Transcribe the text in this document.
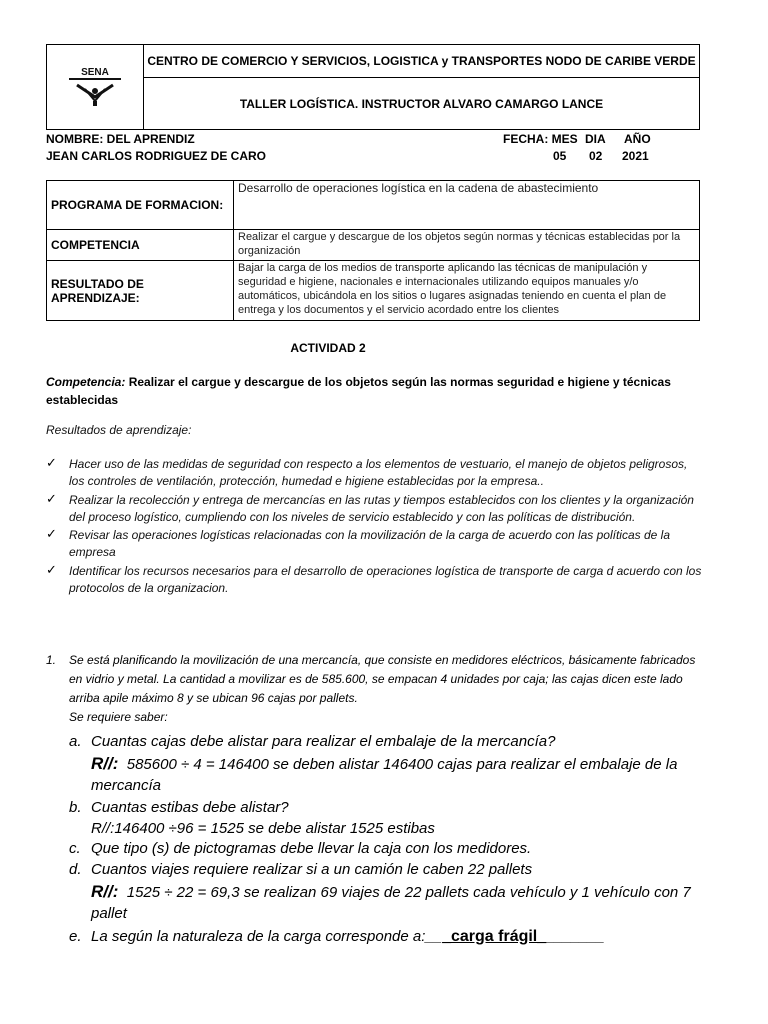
SENA
CENTRO DE COMERCIO Y SERVICIOS, LOGISTICA y TRANSPORTES NODO DE CARIBE VERDE
TALLER LOGÍSTICA. INSTRUCTOR ALVARO CAMARGO LANCE
NOMBRE: DEL APRENDIZ
JEAN CARLOS RODRIGUEZ DE CARO
FECHA: MES DIA AÑO
05 02 2021
PROGRAMA DE FORMACION:	Desarrollo de operaciones logística en la cadena de abastecimiento
COMPETENCIA	Realizar el cargue y descargue de los objetos según normas y técnicas establecidas por la organización
RESULTADO DE APRENDIZAJE:	Bajar la carga de los medios de transporte aplicando las técnicas de manipulación y seguridad e higiene, nacionales e internacionales utilizando equipos manuales y/o automáticos, ubicándola en los sitios o lugares asignadas teniendo en cuenta el plan de entrega y los documentos y el servicio acordado entre los clientes
ACTIVIDAD 2
Competencia: Realizar el cargue y descargue de los objetos según las normas seguridad e higiene y técnicas
establecidas
Resultados de aprendizaje:
✓ Hacer uso de las medidas de seguridad con respecto a los elementos de vestuario, el manejo de objetos peligrosos,
los controles de ventilación, protección, humedad e higiene establecidas por la empresa..
✓ Realizar la recolección y entrega de mercancías en las rutas y tiempos establecidos con los clientes y la organización
del proceso logístico, cumpliendo con los niveles de servicio establecido y con las políticas de distribución.
✓ Revisar las operaciones logísticas relacionadas con la movilización de la carga de acuerdo con las políticas de la
empresa
✓ Identificar los recursos necesarios para el desarrollo de operaciones logística de transporte de carga d acuerdo con los
protocolos de la organizacion.
1. Se está planificando la movilización de una mercancía, que consiste en medidores eléctricos, básicamente fabricados
en vidrio y metal. La cantidad a movilizar es de 585.600, se empacan 4 unidades por caja; las cajas dicen este lado
arriba apile máximo 8 y se ubican 96 cajas por pallets.
Se requiere saber:
a. Cuantas cajas debe alistar para realizar el embalaje de la mercancía?
R//: 585600 ÷ 4 = 146400 se deben alistar 146400 cajas para realizar el embalaje de la
mercancía
b. Cuantas estibas debe alistar?
R//:146400 ÷96 = 1525 se debe alistar 1525 estibas
c. Que tipo (s) de pictogramas debe llevar la caja con los medidores.
d. Cuantos viajes requiere realizar si a un camión le caben 22 pallets
R//: 1525 ÷ 22 = 69,3 se realizan 69 viajes de 22 pallets cada vehículo y 1 vehículo con 7
pallet
e. La según la naturaleza de la carga corresponde a:___carga frágil________
